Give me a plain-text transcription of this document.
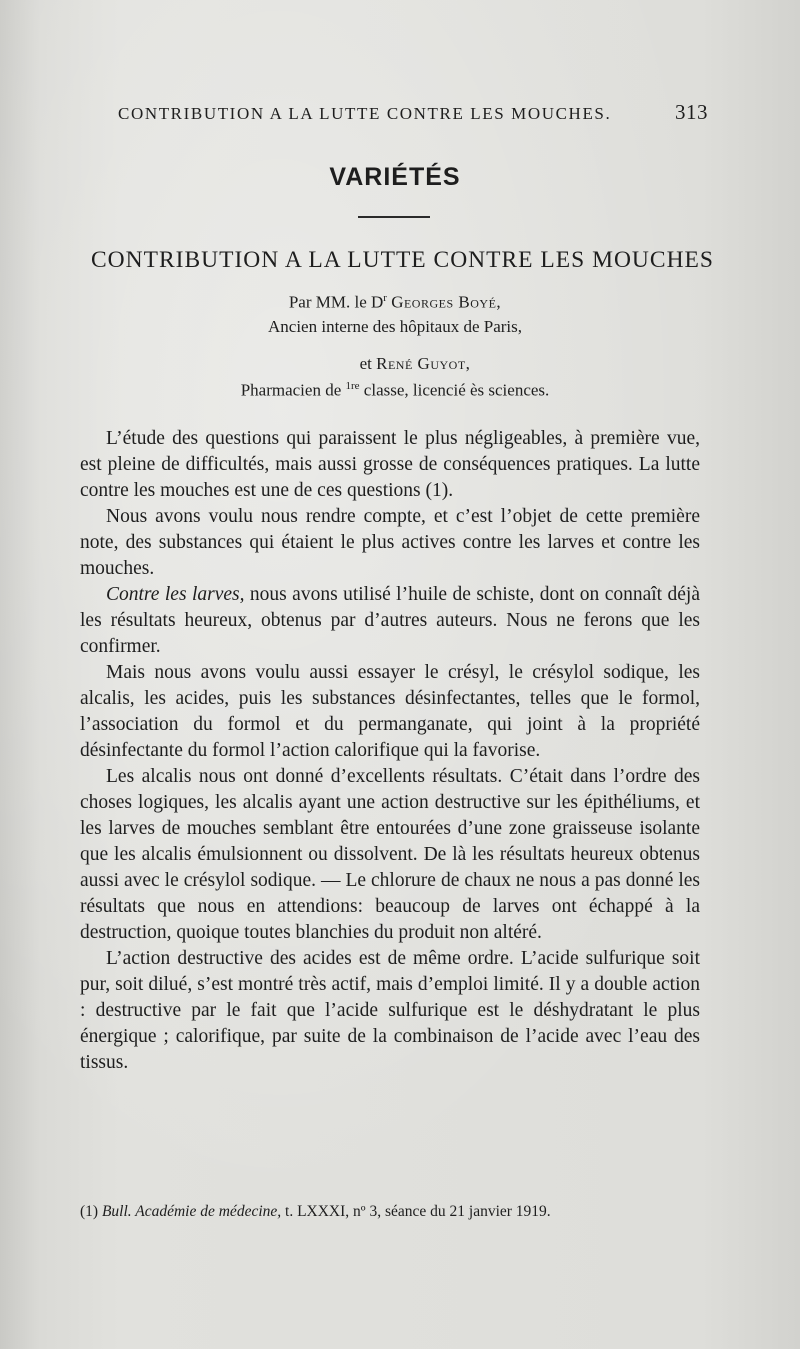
CONTRIBUTION A LA LUTTE CONTRE LES MOUCHES.	313
VARIÉTÉS
CONTRIBUTION A LA LUTTE CONTRE LES MOUCHES
Par MM. le $D^r$ Georges Boyé,
Ancien interne des hôpitaux de Paris,
et René Guyot,
Pharmacien de $^{1re}$ classe, licencié ès sciences.

L’étude des questions qui paraissent le plus négligeables, à première vue, est pleine de difficultés, mais aussi grosse de conséquences pratiques. La lutte contre les mouches est une de ces questions (1).

Nous avons voulu nous rendre compte, et c’est l’objet de cette première note, des substances qui étaient le plus actives contre les larves et contre les mouches.

Contre les larves, nous avons utilisé l’huile de schiste, dont on connaît déjà les résultats heureux, obtenus par d’autres auteurs. Nous ne ferons que les confirmer.

Mais nous avons voulu aussi essayer le crésyl, le crésylol sodique, les alcalis, les acides, puis les substances désinfectantes, telles que le formol, l’association du formol et du permanganate, qui joint à la propriété désinfectante du formol l’action calorifique qui la favorise.

Les alcalis nous ont donné d’excellents résultats. C’était dans l’ordre des choses logiques, les alcalis ayant une action destructive sur les épithéliums, et les larves de mouches semblant être entourées d’une zone graisseuse isolante que les alcalis émulsionnent ou dissolvent. De là les résultats heureux obtenus aussi avec le crésylol sodique. — Le chlorure de chaux ne nous a pas donné les résultats que nous en attendions: beaucoup de larves ont échappé à la destruction, quoique toutes blanchies du produit non altéré.

L’action destructive des acides est de même ordre. L’acide sulfurique soit pur, soit dilué, s’est montré très actif, mais d’emploi limité. Il y a double action : destructive par le fait que l’acide sulfurique est le déshydratant le plus énergique ; calorifique, par suite de la combinaison de l’acide avec l’eau des tissus.

(1) Bull. Académie de médecine, t. LXXXI, nº 3, séance du 21 janvier 1919.
